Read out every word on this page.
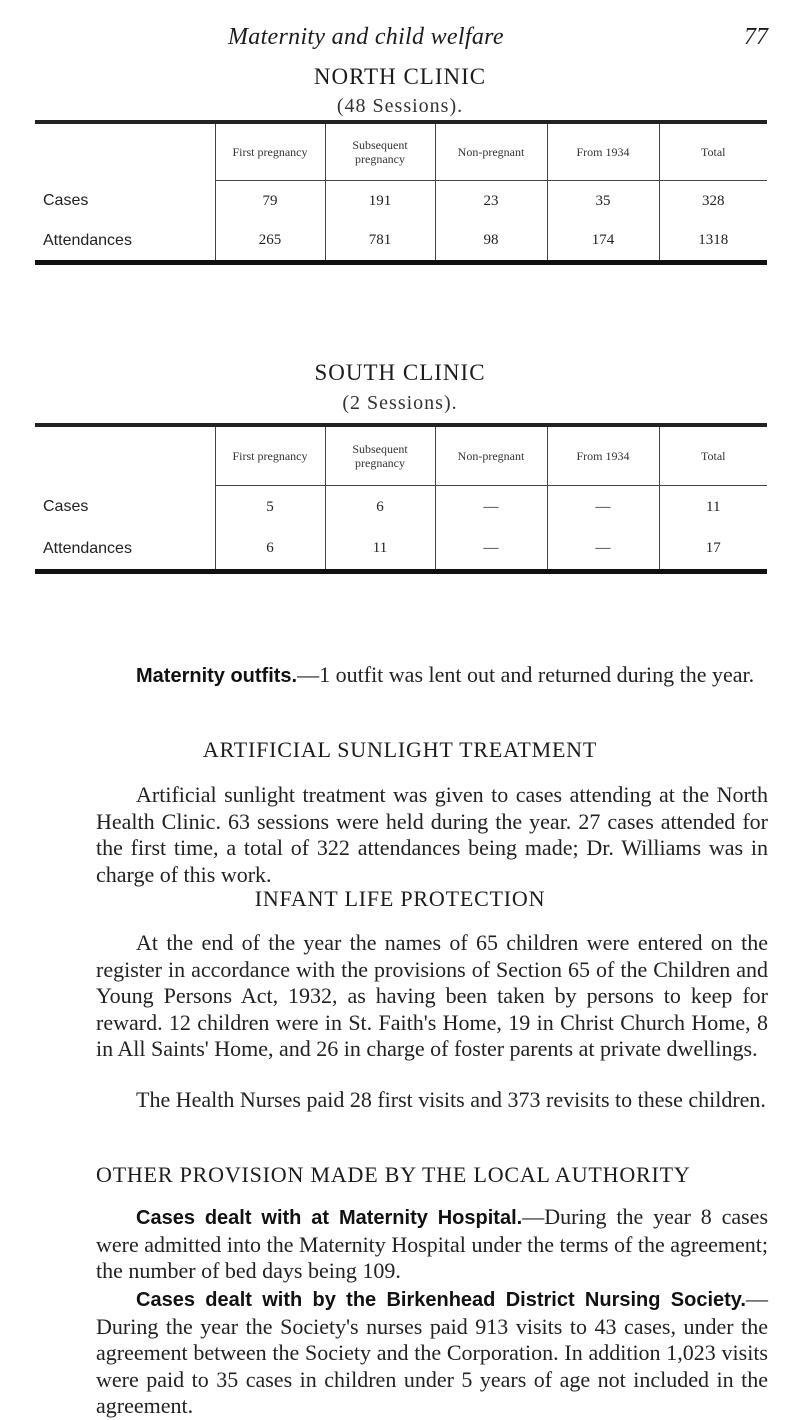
Maternity and child welfare	77
NORTH CLINIC
(48 Sessions).

	First pregnancy	Subsequent pregnancy	Non-pregnant	From 1934	Total
Cases	79	191	23	35	328
Attendances	265	781	98	174	1318
SOUTH CLINIC
(2 Sessions).

	First pregnancy	Subsequent pregnancy	Non-pregnant	From 1934	Total
Cases	5	6	—	—	11
Attendances	6	11	—	—	17

Maternity outfits.—1 outfit was lent out and returned during the year.

ARTIFICIAL SUNLIGHT TREATMENT

Artificial sunlight treatment was given to cases attending at the North Health Clinic. 63 sessions were held during the year. 27 cases attended for the first time, a total of 322 attendances being made; Dr. Williams was in charge of this work.

INFANT LIFE PROTECTION

At the end of the year the names of 65 children were entered on the register in accordance with the provisions of Section 65 of the Children and Young Persons Act, 1932, as having been taken by persons to keep for reward. 12 children were in St. Faith's Home, 19 in Christ Church Home, 8 in All Saints' Home, and 26 in charge of foster parents at private dwellings.

The Health Nurses paid 28 first visits and 373 revisits to these children.

OTHER PROVISION MADE BY THE LOCAL AUTHORITY

Cases dealt with at Maternity Hospital.—During the year 8 cases were admitted into the Maternity Hospital under the terms of the agreement; the number of bed days being 109.

Cases dealt with by the Birkenhead District Nursing Society.— During the year the Society's nurses paid 913 visits to 43 cases, under the agreement between the Society and the Corporation. In addition 1,023 visits were paid to 35 cases in children under 5 years of age not included in the agreement.
